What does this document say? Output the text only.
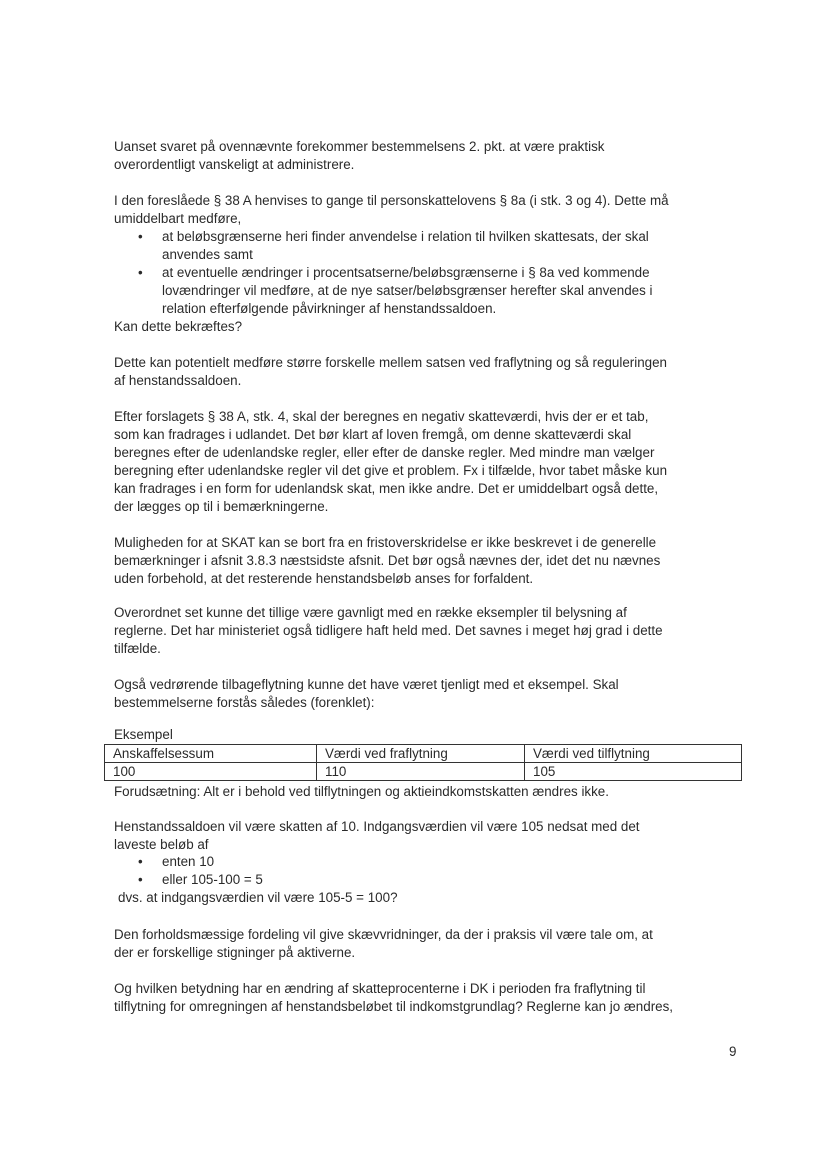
Uanset svaret på ovennævnte forekommer bestemmelsens 2. pkt. at være praktisk
overordentligt vanskeligt at administrere.

I den foreslåede § 38 A henvises to gange til personskattelovens § 8a (i stk. 3 og 4). Dette må
umiddelbart medføre,

• at beløbsgrænserne heri finder anvendelse i relation til hvilken skattesats, der skal
anvendes samt
• at eventuelle ændringer i procentsatserne/beløbsgrænserne i § 8a ved kommende
lovændringer vil medføre, at de nye satser/beløbsgrænser herefter skal anvendes i
relation efterfølgende påvirkninger af henstandssaldoen.

Kan dette bekræftes?

Dette kan potentielt medføre større forskelle mellem satsen ved fraflytning og så reguleringen
af henstandssaldoen.

Efter forslagets § 38 A, stk. 4, skal der beregnes en negativ skatteværdi, hvis der er et tab,
som kan fradrages i udlandet. Det bør klart af loven fremgå, om denne skatteværdi skal
beregnes efter de udenlandske regler, eller efter de danske regler. Med mindre man vælger
beregning efter udenlandske regler vil det give et problem. Fx i tilfælde, hvor tabet måske kun
kan fradrages i en form for udenlandsk skat, men ikke andre. Det er umiddelbart også dette,
der lægges op til i bemærkningerne.

Muligheden for at SKAT kan se bort fra en fristoverskridelse er ikke beskrevet i de generelle
bemærkninger i afsnit 3.8.3 næstsidste afsnit. Det bør også nævnes der, idet det nu nævnes
uden forbehold, at det resterende henstandsbeløb anses for forfaldent.

Overordnet set kunne det tillige være gavnligt med en række eksempler til belysning af
reglerne. Det har ministeriet også tidligere haft held med. Det savnes i meget høj grad i dette
tilfælde.

Også vedrørende tilbageflytning kunne det have været tjenligt med et eksempel. Skal
bestemmelserne forstås således (forenklet):

Eksempel

Anskaffelsessum	Værdi ved fraflytning	Værdi ved tilflytning
100	110	105

Forudsætning: Alt er i behold ved tilflytningen og aktieindkomstskatten ændres ikke.

Henstandssaldoen vil være skatten af 10. Indgangsværdien vil være 105 nedsat med det
laveste beløb af

• enten 10
• eller 105-100 = 5

dvs. at indgangsværdien vil være 105-5 = 100?

Den forholdsmæssige fordeling vil give skævvridninger, da der i praksis vil være tale om, at
der er forskellige stigninger på aktiverne.

Og hvilken betydning har en ændring af skatteprocenterne i DK i perioden fra fraflytning til
tilflytning for omregningen af henstandsbeløbet til indkomstgrundlag? Reglerne kan jo ændres,

9
